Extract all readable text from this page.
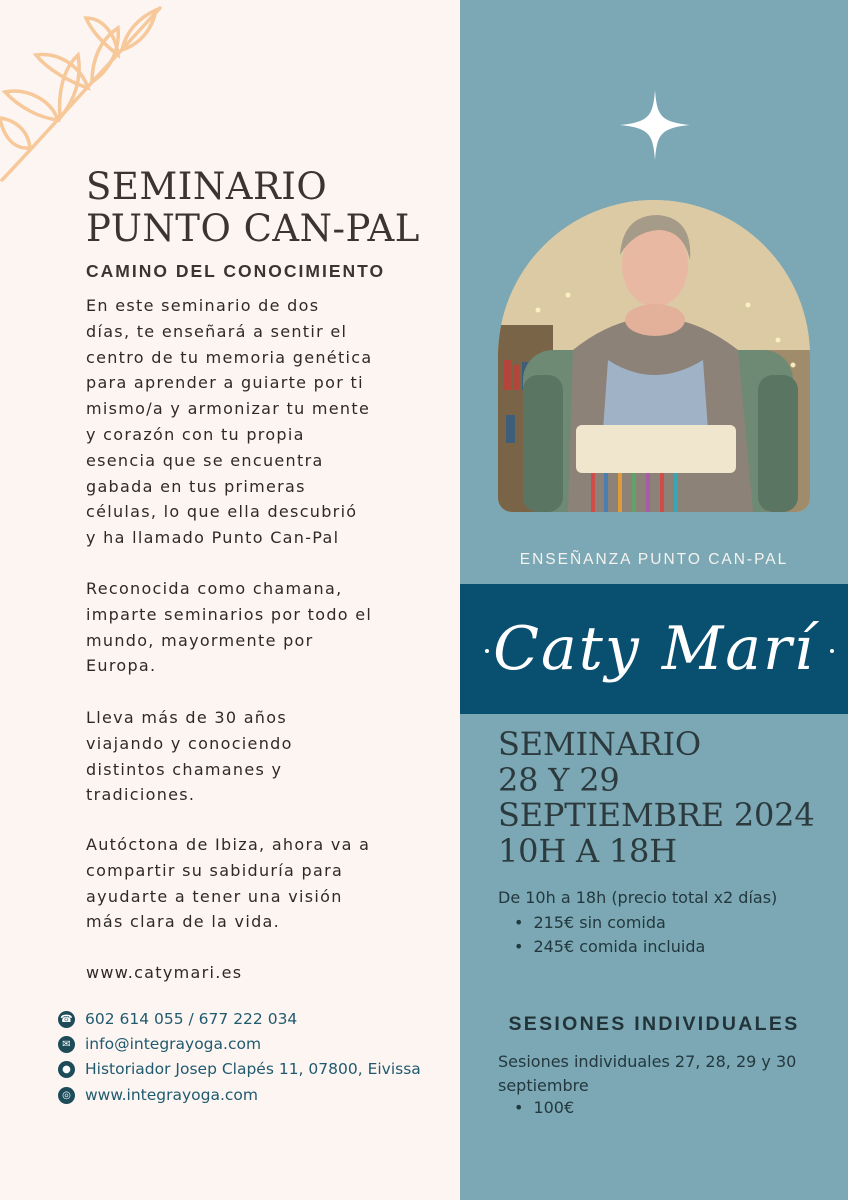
SEMINARIO
PUNTO CAN-PAL

CAMINO DEL CONOCIMIENTO

En este seminario de dos
días, te enseñará a sentir el
centro de tu memoria genética
para aprender a guiarte por ti
mismo/a y armonizar tu mente
y corazón con tu propia
esencia que se encuentra
gabada en tus primeras
células, lo que ella descubrió
y ha llamado Punto Can-Pal

Reconocida como chamana,
imparte seminarios por todo el
mundo, mayormente por
Europa.

Lleva más de 30 años
viajando y conociendo
distintos chamanes y
tradiciones.

Autóctona de Ibiza, ahora va a
compartir su sabiduría para
ayudarte a tener una visión
más clara de la vida.

www.catymari.es

☎ 602 614 055 / 677 222 034
✉ info@integrayoga.com
● Historiador Josep Clapés 11, 07800, Eivissa
◎ www.integrayoga.com

ENSEÑANZA PUNTO CAN-PAL

Caty Marí

SEMINARIO
28 Y 29
SEPTIEMBRE 2024
10H A 18H

De 10h a 18h (precio total x2 días)

• 215€ sin comida
• 245€ comida incluida

SESIONES INDIVIDUALES

Sesiones individuales 27, 28, 29 y 30
septiembre

• 100€
